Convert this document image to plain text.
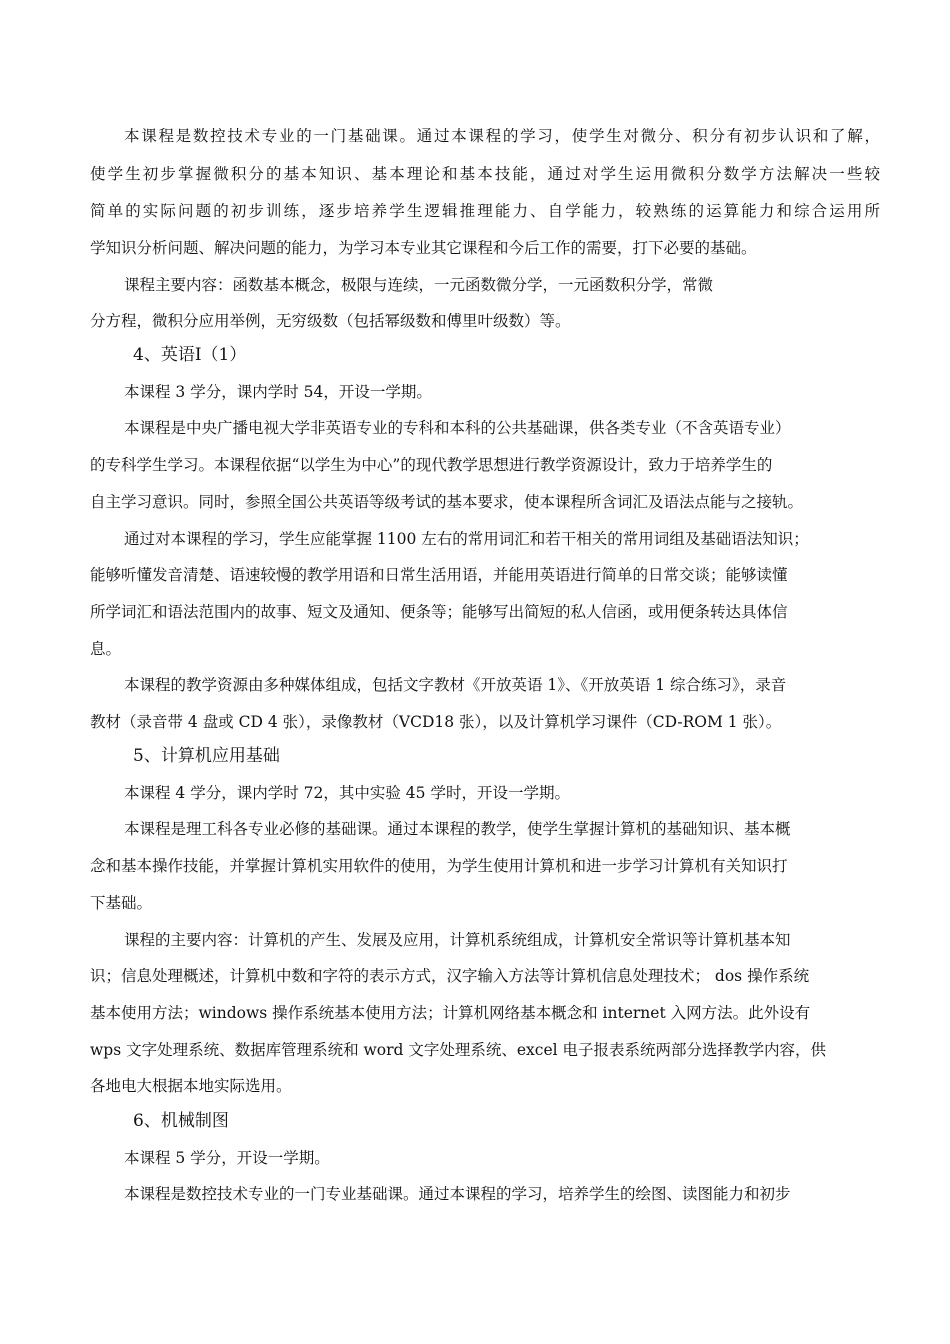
本课程是数控技术专业的一门基础课。通过本课程的学习，使学生对微分、积分有初步认识和了解，
使学生初步掌握微积分的基本知识、基本理论和基本技能，通过对学生运用微积分数学方法解决一些较
简单的实际问题的初步训练，逐步培养学生逻辑推理能力、自学能力，较熟练的运算能力和综合运用所
学知识分析问题、解决问题的能力，为学习本专业其它课程和今后工作的需要，打下必要的基础。
课程主要内容：函数基本概念，极限与连续，一元函数微分学，一元函数积分学，常微
分方程，微积分应用举例，无穷级数（包括幂级数和傅里叶级数）等。
4、英语Ⅰ（1）
本课程 3 学分，课内学时 54，开设一学期。
本课程是中央广播电视大学非英语专业的专科和本科的公共基础课，供各类专业（不含英语专业）
的专科学生学习。本课程依据“以学生为中心”的现代教学思想进行教学资源设计，致力于培养学生的
自主学习意识。同时，参照全国公共英语等级考试的基本要求，使本课程所含词汇及语法点能与之接轨。
通过对本课程的学习，学生应能掌握 1100 左右的常用词汇和若干相关的常用词组及基础语法知识；
能够听懂发音清楚、语速较慢的教学用语和日常生活用语，并能用英语进行简单的日常交谈；能够读懂
所学词汇和语法范围内的故事、短文及通知、便条等；能够写出简短的私人信函，或用便条转达具体信
息。
本课程的教学资源由多种媒体组成，包括文字教材《开放英语 1》、《开放英语 1 综合练习》，录音
教材（录音带 4 盘或 CD 4 张），录像教材（VCD18 张），以及计算机学习课件（CD-ROM 1 张）。
5、计算机应用基础
本课程 4 学分，课内学时 72，其中实验 45 学时，开设一学期。
本课程是理工科各专业必修的基础课。通过本课程的教学，使学生掌握计算机的基础知识、基本概
念和基本操作技能，并掌握计算机实用软件的使用，为学生使用计算机和进一步学习计算机有关知识打
下基础。
课程的主要内容：计算机的产生、发展及应用，计算机系统组成，计算机安全常识等计算机基本知
识；信息处理概述，计算机中数和字符的表示方式，汉字输入方法等计算机信息处理技术； dos 操作系统
基本使用方法；windows 操作系统基本使用方法；计算机网络基本概念和 internet 入网方法。此外设有
wps 文字处理系统、数据库管理系统和 word 文字处理系统、excel 电子报表系统两部分选择教学内容，供
各地电大根据本地实际选用。
6、机械制图
本课程 5 学分，开设一学期。
本课程是数控技术专业的一门专业基础课。通过本课程的学习，培养学生的绘图、读图能力和初步
